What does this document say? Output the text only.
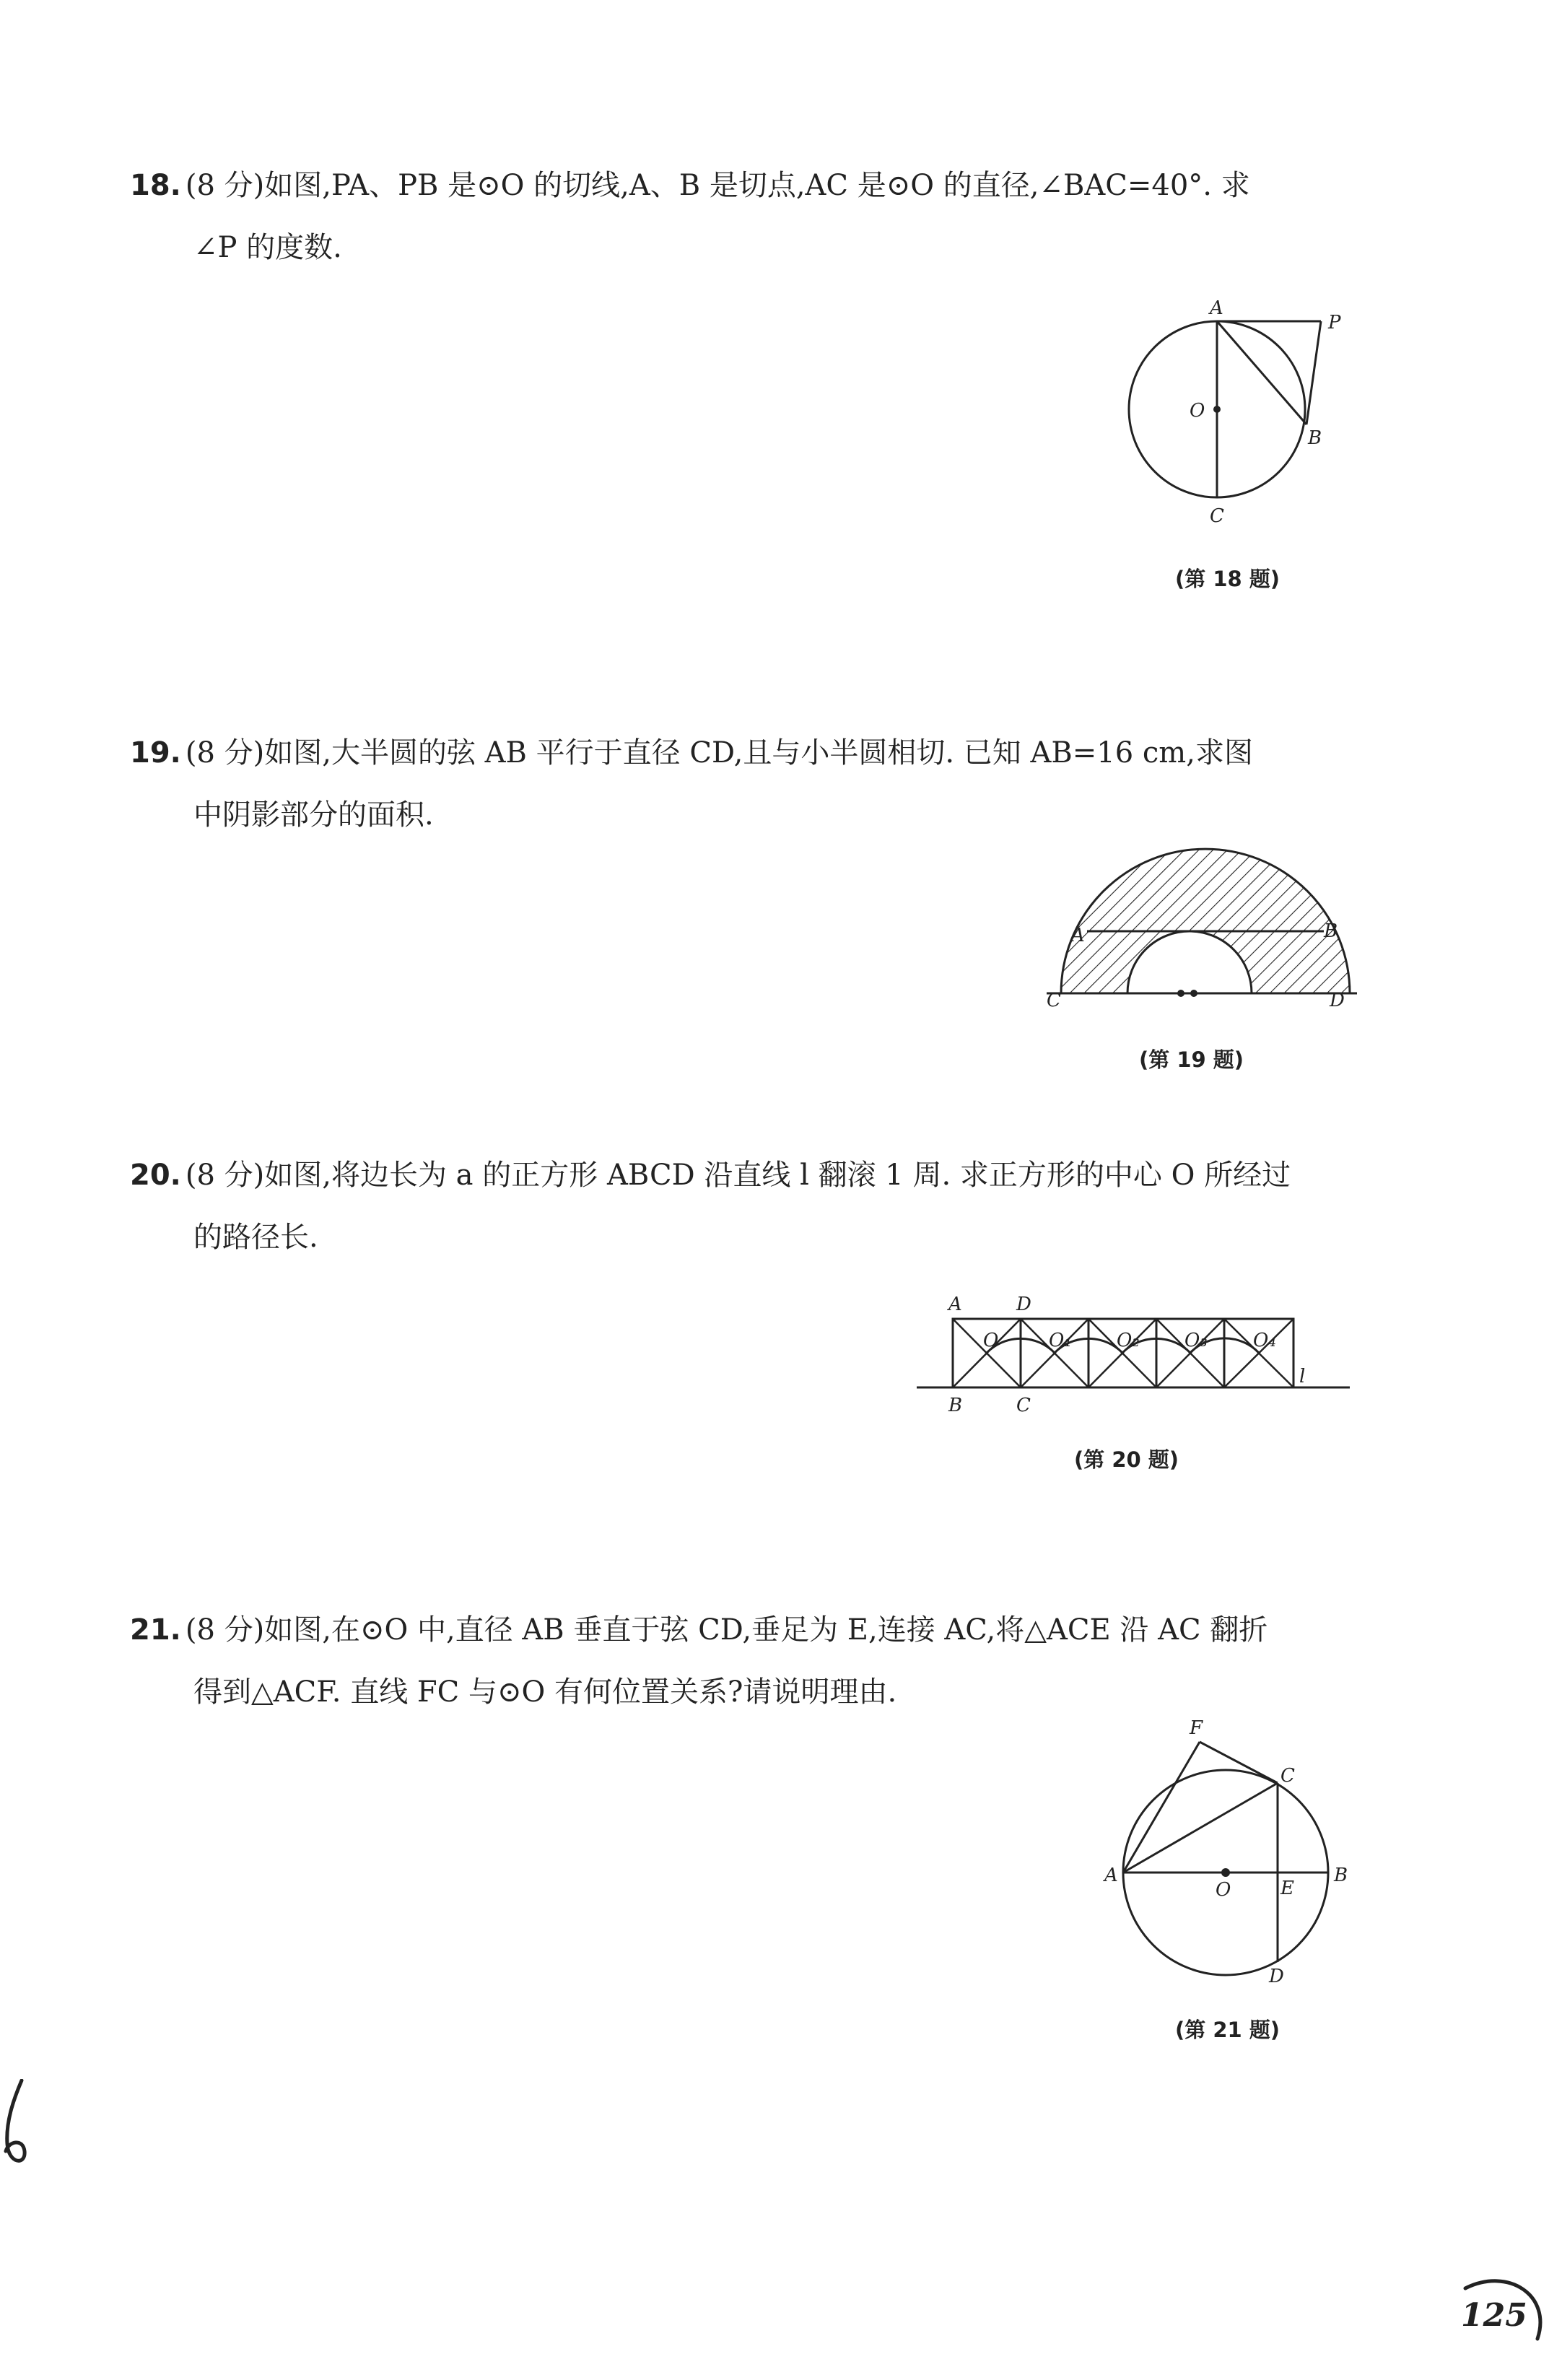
18. (8 分)如图,PA、PB 是⊙O 的切线,A、B 是切点,AC 是⊙O 的直径,∠BAC=40°. 求
∠P 的度数.
A
P
O
B
C
(第 18 题)
19. (8 分)如图,大半圆的弦 AB 平行于直径 CD,且与小半圆相切. 已知 AB=16 cm,求图
中阴影部分的面积.
A	B
C	D
(第 19 题)
20. (8 分)如图,将边长为 a 的正方形 ABCD 沿直线 l 翻滚 1 周. 求正方形的中心 O 所经过
的路径长.
A	D
B	C
l
O	O₁ O₂ O₃ O₄
(第 20 题)
21. (8 分)如图,在⊙O 中,直径 AB 垂直于弦 CD,垂足为 E,连接 AC,将△ACE 沿 AC 翻折
得到△ACF. 直线 FC 与⊙O 有何位置关系?请说明理由.
F
C
A
O	E
B
D
(第 21 题)
125
